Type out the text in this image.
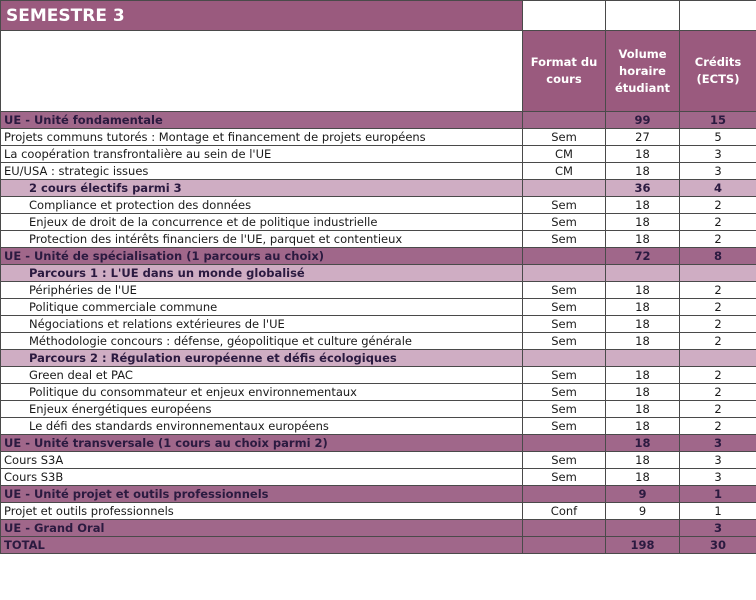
SEMESTRE 3			
	Format du cours	Volume horaire étudiant	Crédits (ECTS)
UE - Unité fondamentale		99	15
Projets communs tutorés : Montage et financement de projets européens	Sem	27	5
La coopération transfrontalière au sein de l'UE	CM	18	3
EU/USA : strategic issues	CM	18	3
2 cours électifs parmi 3		36	4
Compliance et protection des données	Sem	18	2
Enjeux de droit de la concurrence et de politique industrielle	Sem	18	2
Protection des intérêts financiers de l'UE, parquet et contentieux	Sem	18	2
UE - Unité de spécialisation (1 parcours au choix)		72	8
Parcours 1 : L'UE dans un monde globalisé			
Périphéries de l'UE	Sem	18	2
Politique commerciale commune	Sem	18	2
Négociations et relations extérieures de l'UE	Sem	18	2
Méthodologie concours : défense, géopolitique et culture générale	Sem	18	2
Parcours 2 : Régulation européenne et défis écologiques			
Green deal et PAC	Sem	18	2
Politique du consommateur et enjeux environnementaux	Sem	18	2
Enjeux énergétiques européens	Sem	18	2
Le défi des standards environnementaux européens	Sem	18	2
UE - Unité transversale (1 cours au choix parmi 2)		18	3
Cours S3A	Sem	18	3
Cours S3B	Sem	18	3
UE - Unité projet et outils professionnels		9	1
Projet et outils professionnels	Conf	9	1
UE - Grand Oral			3
TOTAL		198	30
